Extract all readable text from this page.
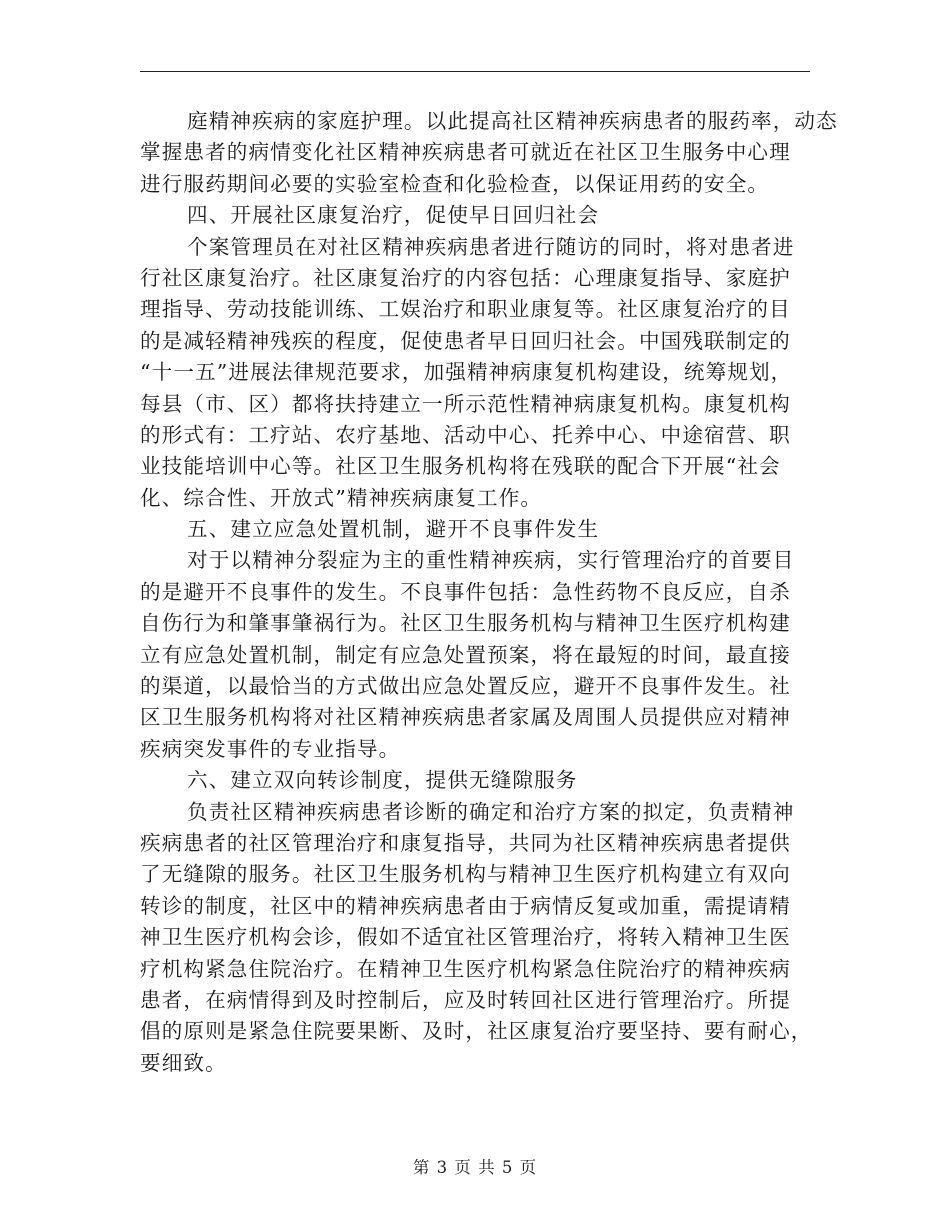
庭精神疾病的家庭护理。以此提高社区精神疾病患者的服药率，动态
掌握患者的病情变化社区精神疾病患者可就近在社区卫生服务中心理
进行服药期间必要的实验室检查和化验检查，以保证用药的安全。
四、开展社区康复治疗，促使早日回归社会
个案管理员在对社区精神疾病患者进行随访的同时，将对患者进
行社区康复治疗。社区康复治疗的内容包括：心理康复指导、家庭护
理指导、劳动技能训练、工娱治疗和职业康复等。社区康复治疗的目
的是减轻精神残疾的程度，促使患者早日回归社会。中国残联制定的
“十一五”进展法律规范要求，加强精神病康复机构建设，统筹规划，
每县（市、区）都将扶持建立一所示范性精神病康复机构。康复机构
的形式有：工疗站、农疗基地、活动中心、托养中心、中途宿营、职
业技能培训中心等。社区卫生服务机构将在残联的配合下开展“社会
化、综合性、开放式”精神疾病康复工作。
五、建立应急处置机制，避开不良事件发生
对于以精神分裂症为主的重性精神疾病，实行管理治疗的首要目
的是避开不良事件的发生。不良事件包括：急性药物不良反应，自杀
自伤行为和肇事肇祸行为。社区卫生服务机构与精神卫生医疗机构建
立有应急处置机制，制定有应急处置预案，将在最短的时间，最直接
的渠道，以最恰当的方式做出应急处置反应，避开不良事件发生。社
区卫生服务机构将对社区精神疾病患者家属及周围人员提供应对精神
疾病突发事件的专业指导。
六、建立双向转诊制度，提供无缝隙服务
负责社区精神疾病患者诊断的确定和治疗方案的拟定，负责精神
疾病患者的社区管理治疗和康复指导，共同为社区精神疾病患者提供
了无缝隙的服务。社区卫生服务机构与精神卫生医疗机构建立有双向
转诊的制度，社区中的精神疾病患者由于病情反复或加重，需提请精
神卫生医疗机构会诊，假如不适宜社区管理治疗，将转入精神卫生医
疗机构紧急住院治疗。在精神卫生医疗机构紧急住院治疗的精神疾病
患者，在病情得到及时控制后，应及时转回社区进行管理治疗。所提
倡的原则是紧急住院要果断、及时，社区康复治疗要坚持、要有耐心，
要细致。
第 3 页 共 5 页
